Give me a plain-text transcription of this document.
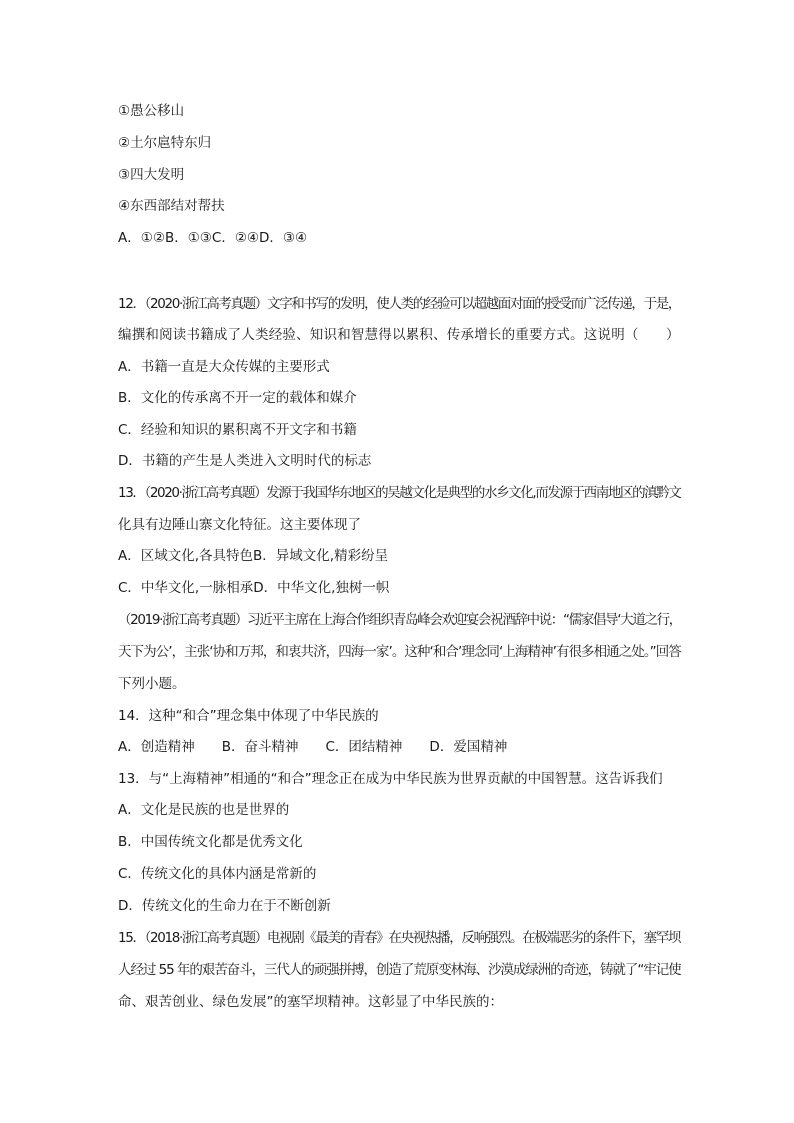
①愚公移山

②土尔扈特东归

③四大发明

④东西部结对帮扶

A．①②B．①③C．②④D．③④

12．（2020·浙江高考真题）文字和书写的发明，使人类的经验可以超越面对面的授受而广泛传递，于是，

编撰和阅读书籍成了人类经验、知识和智慧得以累积、传承增长的重要方式。这说明（　　）

A．书籍一直是大众传媒的主要形式

B．文化的传承离不开一定的载体和媒介

C．经验和知识的累积离不开文字和书籍

D．书籍的产生是人类进入文明时代的标志

13．（2020·浙江高考真题）发源于我国华东地区的吴越文化是典型的水乡文化,而发源于西南地区的滇黔文

化具有边陲山寨文化特征。这主要体现了

A．区域文化,各具特色B．异域文化,精彩纷呈

C．中华文化,一脉相承D．中华文化,独树一帜

（2019·浙江高考真题）习近平主席在上海合作组织青岛峰会欢迎宴会祝酒辞中说：“儒家倡导‘大道之行，

天下为公’，主张‘协和万邦，和衷共济，四海一家’。这种‘和合’理念同‘上海精神’有很多相通之处。”回答

下列小题。

14．这种“和合”理念集中体现了中华民族的

A．创造精神　　B．奋斗精神　　C．团结精神　　D．爱国精神

13．与“上海精神”相通的“和合”理念正在成为中华民族为世界贡献的中国智慧。这告诉我们

A．文化是民族的也是世界的

B．中国传统文化都是优秀文化

C．传统文化的具体内涵是常新的

D．传统文化的生命力在于不断创新

15．（2018·浙江高考真题）电视剧《最美的青春》在央视热播，反响强烈。在极端恶劣的条件下，塞罕坝

人经过 55 年的艰苦奋斗，三代人的顽强拼搏，创造了荒原变林海、沙漠成绿洲的奇迹，铸就了“牢记使

命、艰苦创业、绿色发展”的塞罕坝精神。这彰显了中华民族的：
